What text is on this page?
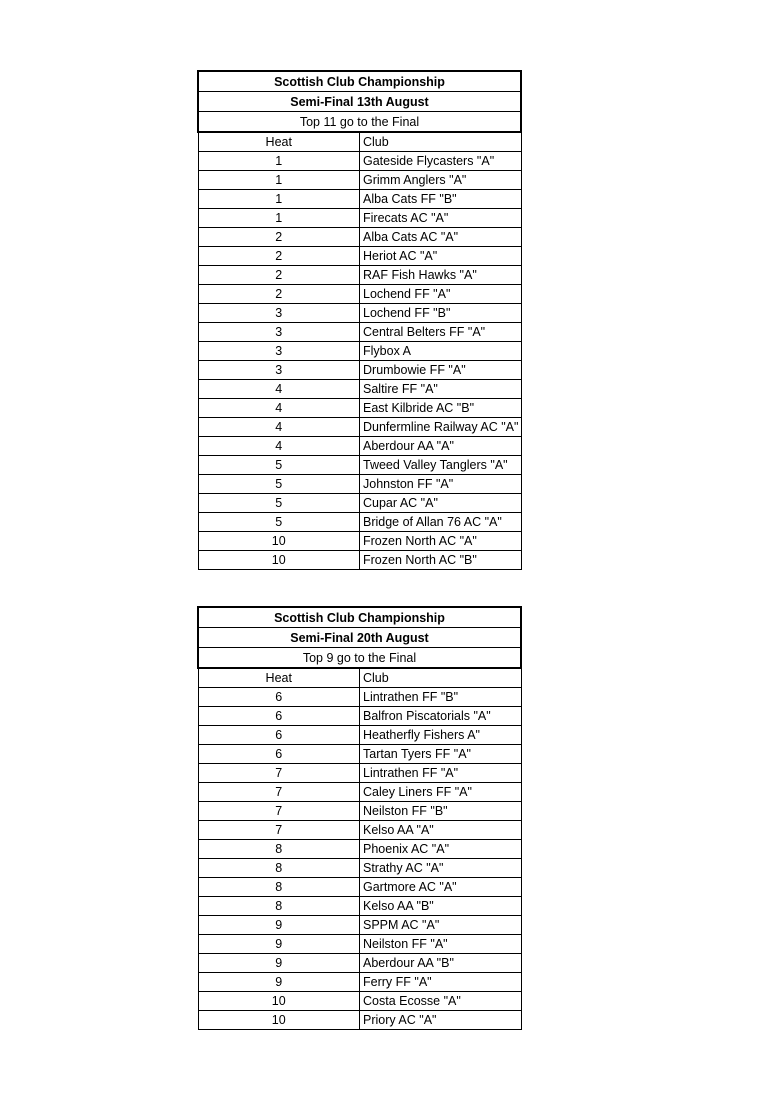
Scottish Club Championship	
Semi-Final 13th August	
Top 11 go to the Final	
Heat	Club
1	Gateside Flycasters "A"
1	Grimm Anglers "A"
1	Alba Cats FF "B"
1	Firecats AC "A"
2	Alba Cats AC "A"
2	Heriot AC "A"
2	RAF Fish Hawks "A"
2	Lochend FF "A"
3	Lochend FF "B"
3	Central Belters FF "A"
3	Flybox A
3	Drumbowie FF "A"
4	Saltire FF "A"
4	East Kilbride AC "B"
4	Dunfermline Railway AC "A"
4	Aberdour AA "A"
5	Tweed Valley Tanglers "A"
5	Johnston FF "A"
5	Cupar AC "A"
5	Bridge of Allan 76 AC "A"
10	Frozen North AC "A"
10	Frozen North AC "B"
Scottish Club Championship	
Semi-Final 20th August	
Top 9 go to the Final	
Heat	Club
6	Lintrathen FF "B"
6	Balfron Piscatorials "A"
6	Heatherfly Fishers A"
6	Tartan Tyers FF "A"
7	Lintrathen FF "A"
7	Caley Liners FF "A"
7	Neilston FF "B"
7	Kelso AA "A"
8	Phoenix AC "A"
8	Strathy AC "A"
8	Gartmore AC "A"
8	Kelso AA "B"
9	SPPM AC "A"
9	Neilston FF "A"
9	Aberdour AA "B"
9	Ferry FF "A"
10	Costa Ecosse "A"
10	Priory AC "A"
